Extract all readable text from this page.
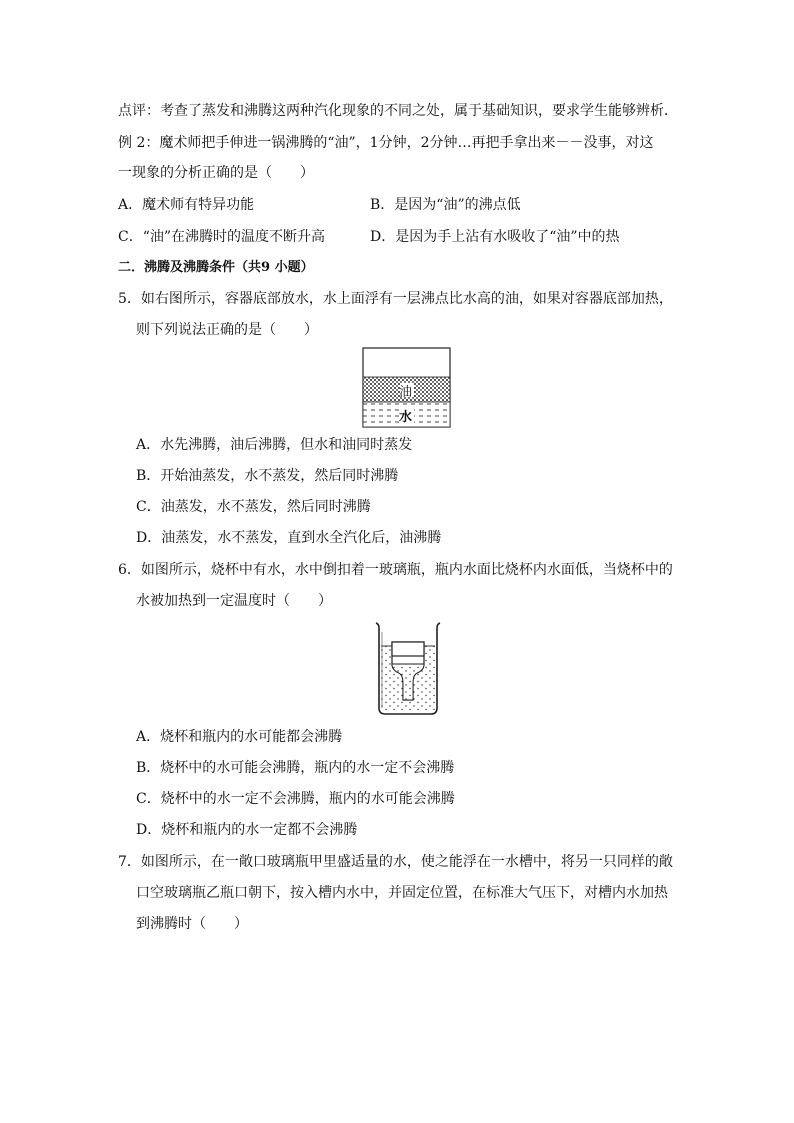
点评：考查了蒸发和沸腾这两种汽化现象的不同之处，属于基础知识，要求学生能够辨析．
例 2：魔术师把手伸进一锅沸腾的“油”，1分钟，2分钟…再把手拿出来－－没事，对这
一现象的分析正确的是（　　）
A．魔术师有特异功能	B．是因为“油”的沸点低
C．“油”在沸腾时的温度不断升高	D．是因为手上沾有水吸收了“油”中的热
二．沸腾及沸腾条件（共9 小题）
5．如右图所示，容器底部放水，水上面浮有一层沸点比水高的油，如果对容器底部加热，
则下列说法正确的是（　　）
油
水
A．水先沸腾，油后沸腾，但水和油同时蒸发
B．开始油蒸发，水不蒸发，然后同时沸腾
C．油蒸发，水不蒸发，然后同时沸腾
D．油蒸发，水不蒸发，直到水全汽化后，油沸腾
6．如图所示，烧杯中有水，水中倒扣着一玻璃瓶，瓶内水面比烧杯内水面低，当烧杯中的
水被加热到一定温度时（　　）
A．烧杯和瓶内的水可能都会沸腾
B．烧杯中的水可能会沸腾，瓶内的水一定不会沸腾
C．烧杯中的水一定不会沸腾，瓶内的水可能会沸腾
D．烧杯和瓶内的水一定都不会沸腾
7．如图所示，在一敞口玻璃瓶甲里盛适量的水，使之能浮在一水槽中，将另一只同样的敞
口空玻璃瓶乙瓶口朝下，按入槽内水中，并固定位置，在标准大气压下，对槽内水加热
到沸腾时（　　）
